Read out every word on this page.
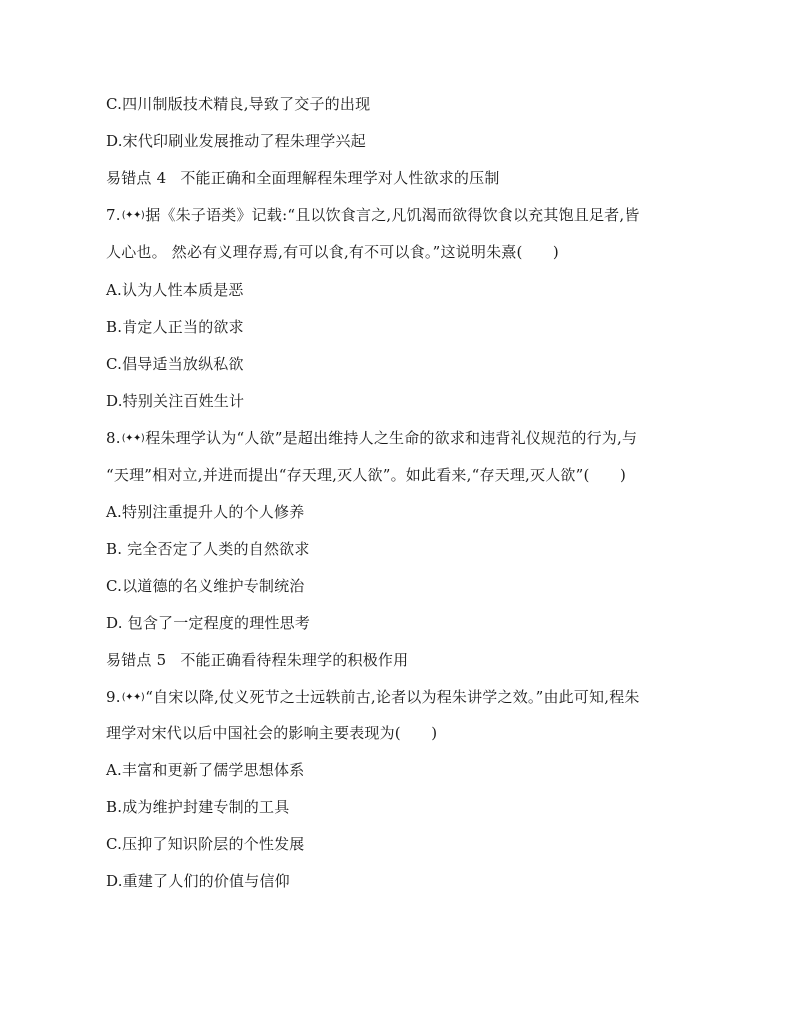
C.四川制版技术精良,导致了交子的出现
D.宋代印刷业发展推动了程朱理学兴起
易错点 4 不能正确和全面理解程朱理学对人性欲求的压制
7.(✦✦)据《朱子语类》记载:“且以饮食言之,凡饥渴而欲得饮食以充其饱且足者,皆
人心也。 然必有义理存焉,有可以食,有不可以食。”这说明朱熹(　　)
A.认为人性本质是恶
B.肯定人正当的欲求
C.倡导适当放纵私欲
D.特别关注百姓生计
8.(✦✦)程朱理学认为“人欲”是超出维持人之生命的欲求和违背礼仪规范的行为,与
“天理”相对立,并进而提出“存天理,灭人欲”。如此看来,“存天理,灭人欲”(　　)
A.特别注重提升人的个人修养
B. 完全否定了人类的自然欲求
C.以道德的名义维护专制统治
D. 包含了一定程度的理性思考
易错点 5 不能正确看待程朱理学的积极作用
9.(✦✦)“自宋以降,仗义死节之士远轶前古,论者以为程朱讲学之效。”由此可知,程朱
理学对宋代以后中国社会的影响主要表现为(　　)
A.丰富和更新了儒学思想体系
B.成为维护封建专制的工具
C.压抑了知识阶层的个性发展
D.重建了人们的价值与信仰
